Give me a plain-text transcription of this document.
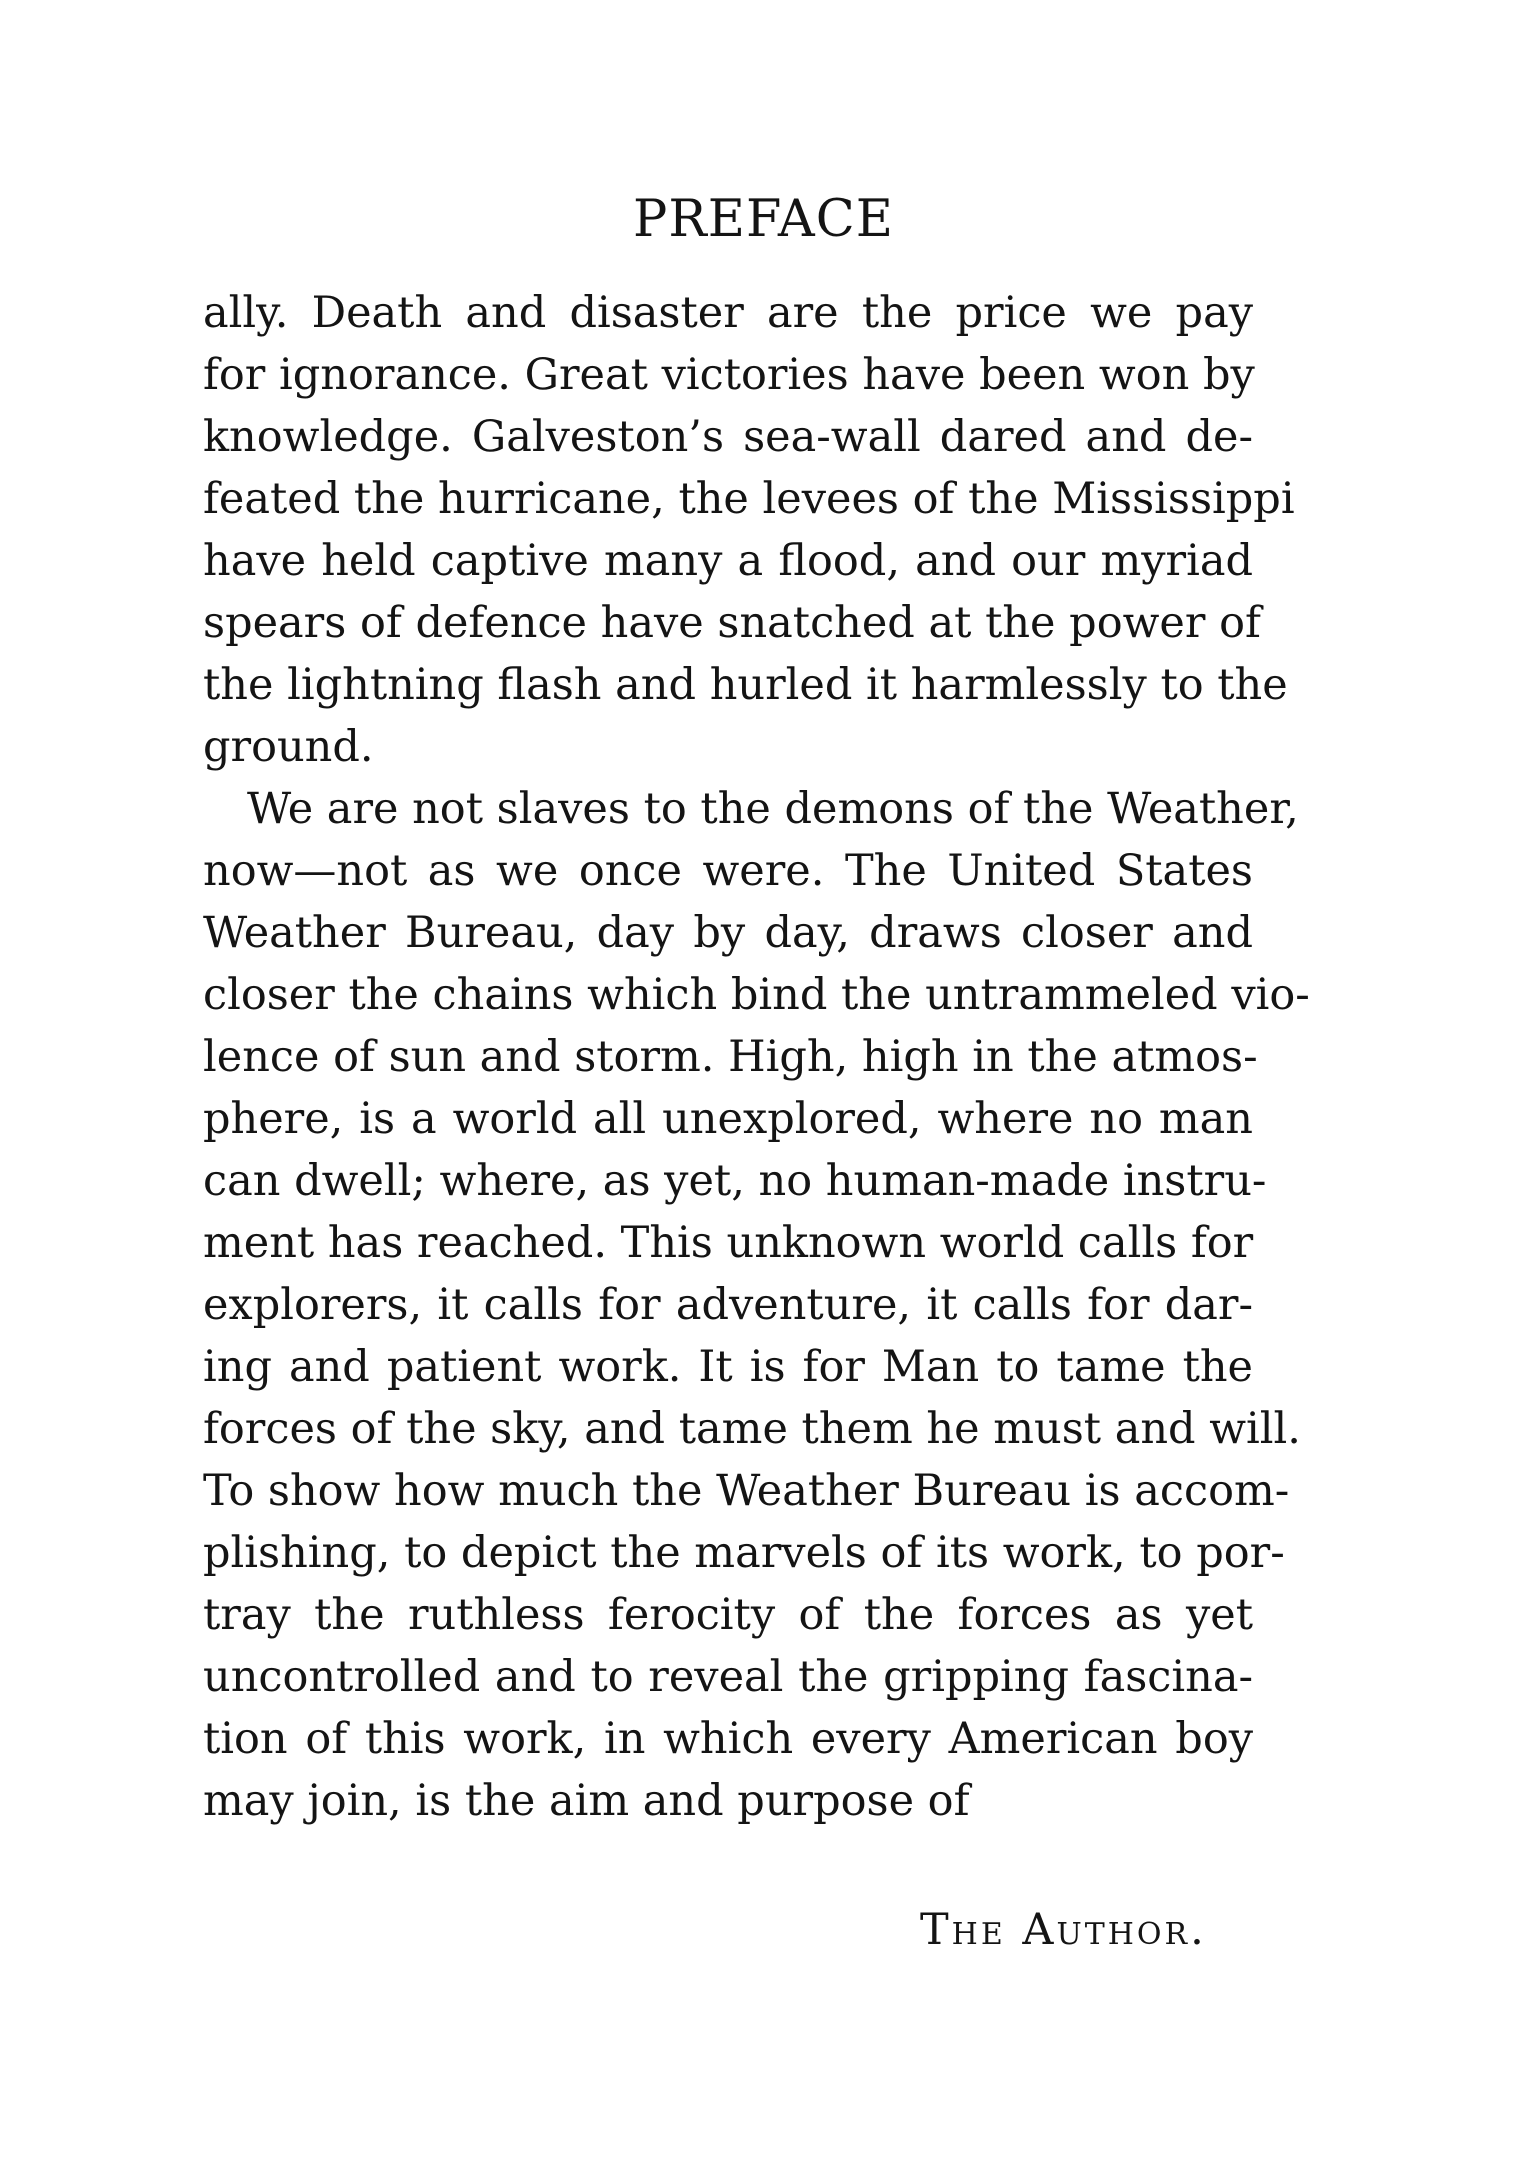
PREFACE
ally. Death and disaster are the price we pay
for ignorance. Great victories have been won by
knowledge. Galveston’s sea-wall dared and de-
feated the hurricane, the levees of the Mississippi
have held captive many a flood, and our myriad
spears of defence have snatched at the power of
the lightning flash and hurled it harmlessly to the
ground.
We are not slaves to the demons of the Weather,
now—not as we once were. The United States
Weather Bureau, day by day, draws closer and
closer the chains which bind the untrammeled vio-
lence of sun and storm. High, high in the atmos-
phere, is a world all unexplored, where no man
can dwell; where, as yet, no human-made instru-
ment has reached. This unknown world calls for
explorers, it calls for adventure, it calls for dar-
ing and patient work. It is for Man to tame the
forces of the sky, and tame them he must and will.
To show how much the Weather Bureau is accom-
plishing, to depict the marvels of its work, to por-
tray the ruthless ferocity of the forces as yet
uncontrolled and to reveal the gripping fascina-
tion of this work, in which every American boy
may join, is the aim and purpose of
The Author.
